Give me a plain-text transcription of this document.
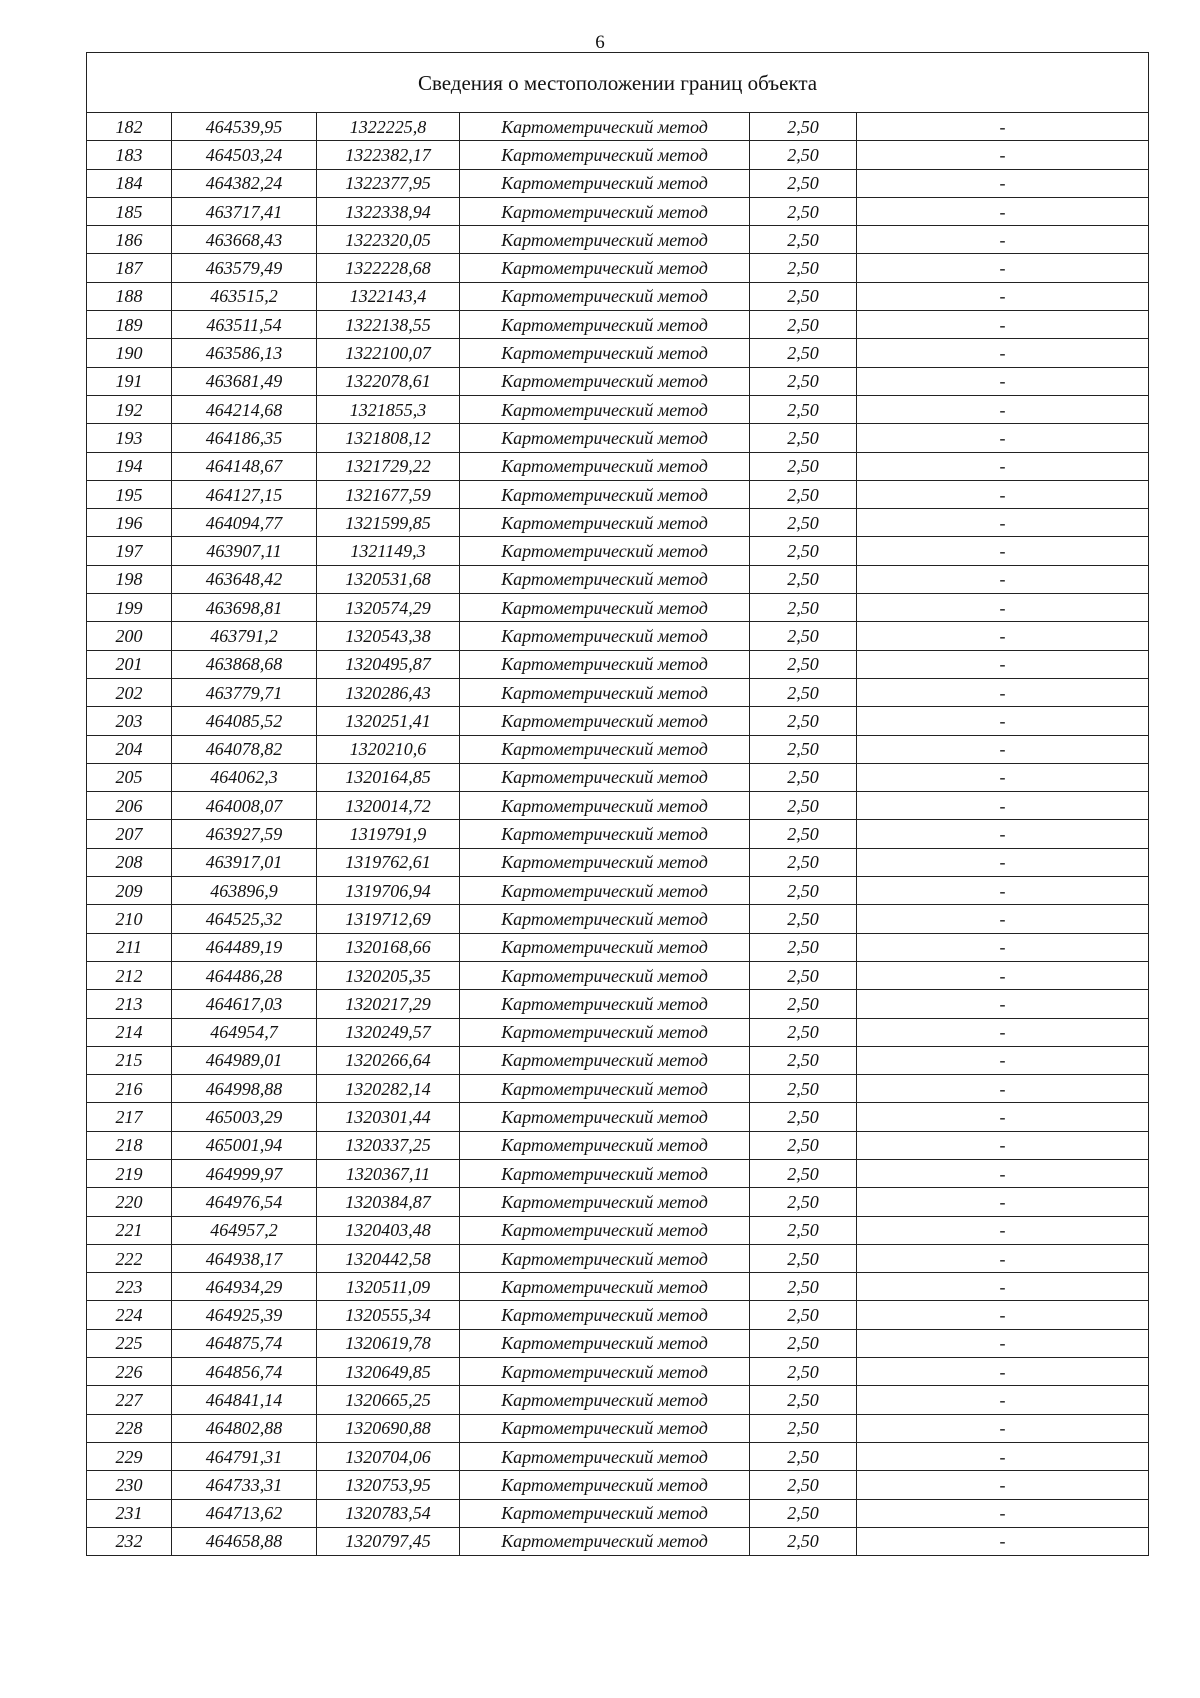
6
Сведения о местоположении границ объекта					
182	464539,95	1322225,8	Картометрический метод	2,50	-
183	464503,24	1322382,17	Картометрический метод	2,50	-
184	464382,24	1322377,95	Картометрический метод	2,50	-
185	463717,41	1322338,94	Картометрический метод	2,50	-
186	463668,43	1322320,05	Картометрический метод	2,50	-
187	463579,49	1322228,68	Картометрический метод	2,50	-
188	463515,2	1322143,4	Картометрический метод	2,50	-
189	463511,54	1322138,55	Картометрический метод	2,50	-
190	463586,13	1322100,07	Картометрический метод	2,50	-
191	463681,49	1322078,61	Картометрический метод	2,50	-
192	464214,68	1321855,3	Картометрический метод	2,50	-
193	464186,35	1321808,12	Картометрический метод	2,50	-
194	464148,67	1321729,22	Картометрический метод	2,50	-
195	464127,15	1321677,59	Картометрический метод	2,50	-
196	464094,77	1321599,85	Картометрический метод	2,50	-
197	463907,11	1321149,3	Картометрический метод	2,50	-
198	463648,42	1320531,68	Картометрический метод	2,50	-
199	463698,81	1320574,29	Картометрический метод	2,50	-
200	463791,2	1320543,38	Картометрический метод	2,50	-
201	463868,68	1320495,87	Картометрический метод	2,50	-
202	463779,71	1320286,43	Картометрический метод	2,50	-
203	464085,52	1320251,41	Картометрический метод	2,50	-
204	464078,82	1320210,6	Картометрический метод	2,50	-
205	464062,3	1320164,85	Картометрический метод	2,50	-
206	464008,07	1320014,72	Картометрический метод	2,50	-
207	463927,59	1319791,9	Картометрический метод	2,50	-
208	463917,01	1319762,61	Картометрический метод	2,50	-
209	463896,9	1319706,94	Картометрический метод	2,50	-
210	464525,32	1319712,69	Картометрический метод	2,50	-
211	464489,19	1320168,66	Картометрический метод	2,50	-
212	464486,28	1320205,35	Картометрический метод	2,50	-
213	464617,03	1320217,29	Картометрический метод	2,50	-
214	464954,7	1320249,57	Картометрический метод	2,50	-
215	464989,01	1320266,64	Картометрический метод	2,50	-
216	464998,88	1320282,14	Картометрический метод	2,50	-
217	465003,29	1320301,44	Картометрический метод	2,50	-
218	465001,94	1320337,25	Картометрический метод	2,50	-
219	464999,97	1320367,11	Картометрический метод	2,50	-
220	464976,54	1320384,87	Картометрический метод	2,50	-
221	464957,2	1320403,48	Картометрический метод	2,50	-
222	464938,17	1320442,58	Картометрический метод	2,50	-
223	464934,29	1320511,09	Картометрический метод	2,50	-
224	464925,39	1320555,34	Картометрический метод	2,50	-
225	464875,74	1320619,78	Картометрический метод	2,50	-
226	464856,74	1320649,85	Картометрический метод	2,50	-
227	464841,14	1320665,25	Картометрический метод	2,50	-
228	464802,88	1320690,88	Картометрический метод	2,50	-
229	464791,31	1320704,06	Картометрический метод	2,50	-
230	464733,31	1320753,95	Картометрический метод	2,50	-
231	464713,62	1320783,54	Картометрический метод	2,50	-
232	464658,88	1320797,45	Картометрический метод	2,50	-
